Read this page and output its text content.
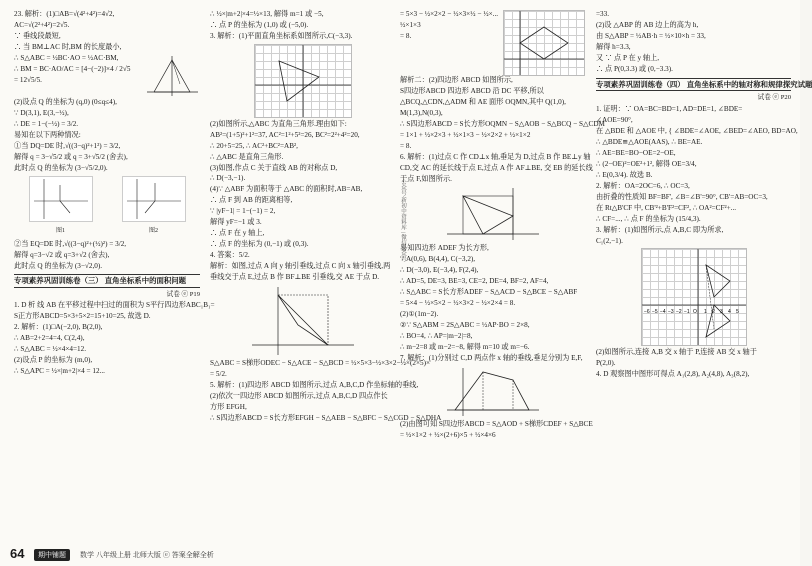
23. 解析：(1)□AB=√(4²+4²)=4√2,

AC=√(2²+4²)=2√5.

∵ 垂线段最短,

∴ 当 BM⊥AC 时,BM 的长度最小,

∴ S△ABC = ½BC·AO = ½AC·BM,

∴ BM = BC·AO/AC = [4−(−2)]×4 / 2√5

= 12√5/5.

(2)设点 Q 的坐标为 (q,0) (0≤q≤4),

∵ D(3,1), E(3,−½),

∴ DE = 1−(−½) = 3/2.

易知在以下两种情况:

①当 DQ=DE 时,√((3−q)²+1²) = 3/2,

解得 q = 3−√5/2 或 q = 3+√5/2 (舍去),

此时点 Q 的坐标为 (3−√5/2,0).

图1	图2

②当 EQ=DE 时,√((3−q)²+(½)²) = 3/2,

解得 q=3−√2 或 q=3+√2 (舍去),

此时点 Q 的坐标为 (3−√2,0).

专项素养巩固训练卷（三） 直角坐标系中的面积问题
试卷 ⓔ P19

1. D 析 线 AB 在平移过程中扫过的面积为 S平行四边形ABC₁B₁=

S正方形ABCD=5×3+5×2=15+10=25, 故选 D.

2. 解析：(1)□A(−2,0), B(2,0),

∴ AB=2+2=4=4, C(2,4),

∴ S△ABC = ½×4×4=12.

(2)设点 P 的坐标为 (m,0),

∴ S△APC = ½×|m+2|×4 = 12...

∴ ½×|m+2|×4=½×13, 解得 m=1 或 −5,

∴ 点 P 的坐标为 (1,0) 或 (−5,0).

3. 解析：(1)平面直角坐标系如图所示,C(−3,3).

(2)如图所示,△ABC 为直角三角形.理由如下:

AB²=(1+5)²+1²=37, AC²=1²+5²=26, BC²=2²+4²=20,

∴ 20+5=25, ∴ AC²+BC²=AB²,

∴ △ABC 是直角三角形.

(3)如图,作点 C 关于直线 AB 的对称点 D,

∴ D(−3,−1).

(4)∵ △ABF 为面积等于 △ABC 的面积时,AB=AB,

∴ 点 F 到 AB 的距离相等,

∵ |yF−1| = 1−(−1) = 2,

解得 yF=−1 或 3.

∴ 点 F 在 y 轴上,

∴ 点 F 的坐标为 (0,−1) 或 (0,3).

4. 答案：5/2.

解析：如图,过点 A 向 y 轴引垂线,过点 C 向 x 轴引垂线,两

垂线交于点 E,过点 B 作 BF⊥BE 引垂线,交 AE 于点 D.

S△ABC = S梯形ODEC − S△ACE − S△BCD = ½×5×3−½×3×2−½×(2×5)×

= 5/2.

5. 解析：(1)四边形 ABCD 如图所示,过点 A,B,C,D 作坐标轴的垂线,

(2)依次一四边形 ABCD 如图所示,过点 A,B,C,D 四点作长

方形 EFGH,

∴ S四边形ABCD = S长方形EFGH − S△AEB − S△BFC − S△CGD − S△DHA

公众号·新初中资料库 | 微信公众号

= 5×3 − ½×2×2 − ½×3×½ − ½×...

½×1×3

= 8.

解析二：(2)四边形 ABCD 如图所示,

S四边形ABCD 四边形 ABCD 沿 DC 平移,所以

△BCQ,△CDN,△ADM 和 AE 面形 OQMN,其中 Q(1,0),

M(1,3),N(0,3),

∴ S四边形ABCD = S长方形OQMN − S△AOB − S△BCQ − S△CDM

= 1×1 + ½×2×3 + ½×1×3 − ½×2×2 + ½×1×2

= 8.

6. 解析：(1)过点 C 作 CD⊥x 轴,垂足为 D,过点 B 作 BE⊥y 轴

CD,交 AC 的延长线于点 E,过点 A 作 AF⊥BE, 交 EB 的延长线

于点 F,如图所示.

易知四边形 ADEF 为长方形,

∵ A(0,6), B(4,4), C(−3,2),

∴ D(−3,0), E(−3,4), F(2,4),

∴ AD=5, DE=3, BE=3, CE=2, DE=4, BF=2, AF=4,

∴ S△ABC = S长方形ADEF − S△ACD − S△BCE − S△ABF

= 5×4 − ½×5×2 − ½×3×2 − ½×2×4 = 8.

(2)①(1m−2).

②∵ S△ABM = 2S△ABC = ½AP·BO = 2×8,

∴ BO=4, ∴ AP=|m−2|=8,

∴ m−2=8 或 m−2=−8, 解得 m=10 或 m=−6.

7. 解析：(1)分别过 C,D 两点作 x 轴的垂线,垂足分别为 E,F,

(2)由图可知 S四边形ABCD = S△AOD + S梯形CDEF + S△BCE

= ½×1×2 + ½×(2+6)×5 + ½×4×6

=33.

(2)设 △ABP 的 AB 边上的高为 h,

由 S△ABP = ½AB·h = ½×10×h = 33,

解得 h=3.3,

又 ∵ 点 P 在 y 轴上,

∴ 点 P(0,3.3) 或 (0,−3.3).

专项素养巩固训练卷（四） 直角坐标系中的轴对称和规律探究试题
试卷 ⓔ P20

1. 证明：∵ OA=BC=BD=1, AD=DE=1, ∠BDE=

∠AOE=90°,

在 △BDE 和 △AOE 中, { ∠BDE=∠AOE, ∠BED=∠AEO, BD=AO,

∴ △BDE≌△AOE(AAS), ∴ BE=AE.

∴ AE=BE=BO−OE=2−OE,

∴ (2−OE)²=OE²+1², 解得 OE=3/4,

∴ E(0,3/4). 故选 B.

2. 解析：OA=2OC=6, ∴ OC=3,

由折叠的性质知 BF=BF', ∠B=∠B'=90°, CB'=AB=OC=3,

在 Rt△B'CF 中, CB'²+B'F²=CF², ∴ OA²=CF²+...

∴ CF=..., ∴ 点 F 的坐标为 (15/4,3).

3. 解析：(1)如图所示,点 A,B,C 即为所求,

C₁(2,−1).

−6 −5 −4 −3 −2 −1 O 1 2 3 4 5

(2)如图所示,连接 A,B 交 x 轴于 P,连接 AB 交 x 轴于

P(2,0).

4. D 观察图中图形可得点 A₁(2,8), A₂(4,8), A₃(8,2),

64	期中铺题	数学 八年级上册 北师大版 ⓔ 答案全解全析
